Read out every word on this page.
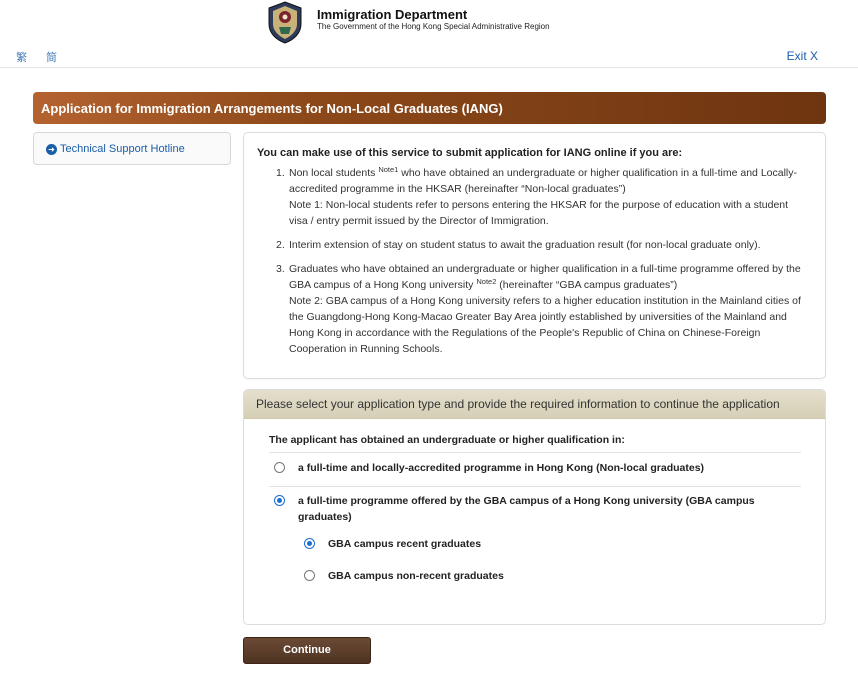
Immigration Department
The Government of the Hong Kong Special Administrative Region
繁 简	Exit X
Application for Immigration Arrangements for Non-Local Graduates (IANG)
➜ Technical Support Hotline	You can make use of this service to submit application for IANG online if you are:
1. Non local students $^{Note1}$ who have obtained an undergraduate or higher qualification in a full-time and Locally-accredited programme in the HKSAR (hereinafter “Non-local graduates”)
Note 1: Non-local students refer to persons entering the HKSAR for the purpose of education with a student visa / entry permit issued by the Director of Immigration.
2. Interim extension of stay on student status to await the graduation result (for non-local graduate only).
3. Graduates who have obtained an undergraduate or higher qualification in a full-time programme offered by the GBA campus of a Hong Kong university $^{Note2}$ (hereinafter “GBA campus graduates”)
Note 2: GBA campus of a Hong Kong university refers to a higher education institution in the Mainland cities of the Guangdong-Hong Kong-Macao Greater Bay Area jointly established by universities of the Mainland and Hong Kong in accordance with the Regulations of the People's Republic of China on Chinese-Foreign Cooperation in Running Schools.
Please select your application type and provide the required information to continue the application
The applicant has obtained an undergraduate or higher qualification in:
a full-time and locally-accredited programme in Hong Kong (Non-local graduates)
a full-time programme offered by the GBA campus of a Hong Kong university (GBA campus graduates)
GBA campus recent graduates
GBA campus non-recent graduates
Continue
